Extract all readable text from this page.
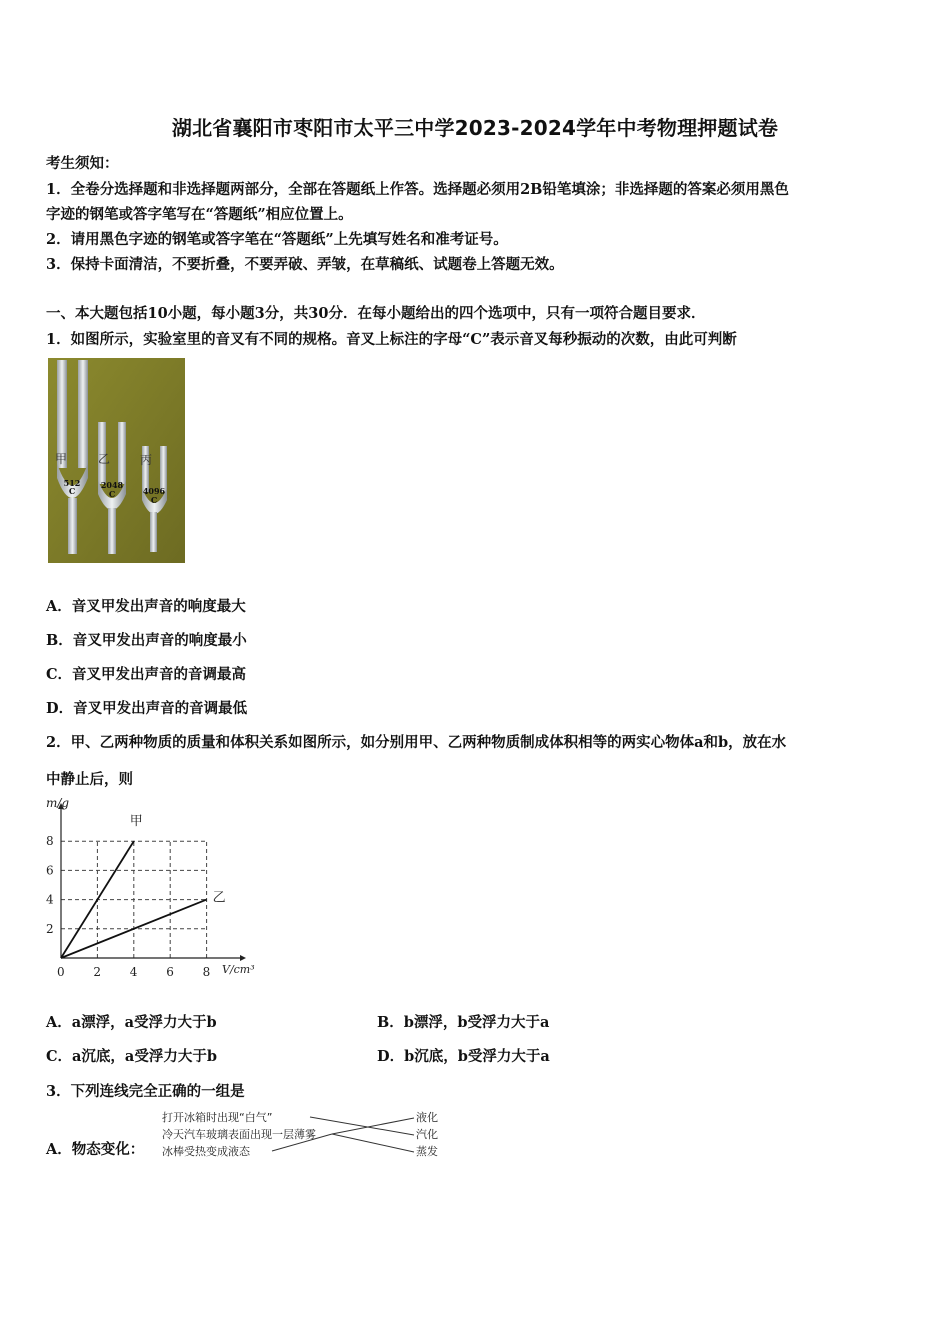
湖北省襄阳市枣阳市太平三中学2023-2024学年中考物理押题试卷
考生须知：
1．全卷分选择题和非选择题两部分，全部在答题纸上作答。选择题必须用2B铅笔填涂；非选择题的答案必须用黑色
字迹的钢笔或答字笔写在“答题纸”相应位置上。
2．请用黑色字迹的钢笔或答字笔在“答题纸”上先填写姓名和准考证号。
3．保持卡面清洁，不要折叠，不要弄破、弄皱，在草稿纸、试题卷上答题无效。
一、本大题包括10小题，每小题3分，共30分．在每小题给出的四个选项中，只有一项符合题目要求．
1．如图所示，实验室里的音叉有不同的规格。音叉上标注的字母“C”表示音叉每秒振动的次数，由此可判断
甲
512
C
乙
2048
C
丙
4096
C
A．音叉甲发出声音的响度最大
B．音叉甲发出声音的响度最小
C．音叉甲发出声音的音调最高
D．音叉甲发出声音的音调最低
2．甲、乙两种物质的质量和体积关系如图所示，如分别用甲、乙两种物质制成体积相等的两实心物体a和b，放在水
中静止后，则
2
4
6
8
0 2 4 6 8
甲
乙
m/g
V/cm³
A．a漂浮，a受浮力大于b	B．b漂浮，b受浮力大于a
C．a沉底，a受浮力大于b	D．b沉底，b受浮力大于a
3．下列连线完全正确的一组是
A．物态变化：
打开冰箱时出现“白气”
冷天汽车玻璃表面出现一层薄雾
冰棒受热变成液态
液化
汽化
蒸发
